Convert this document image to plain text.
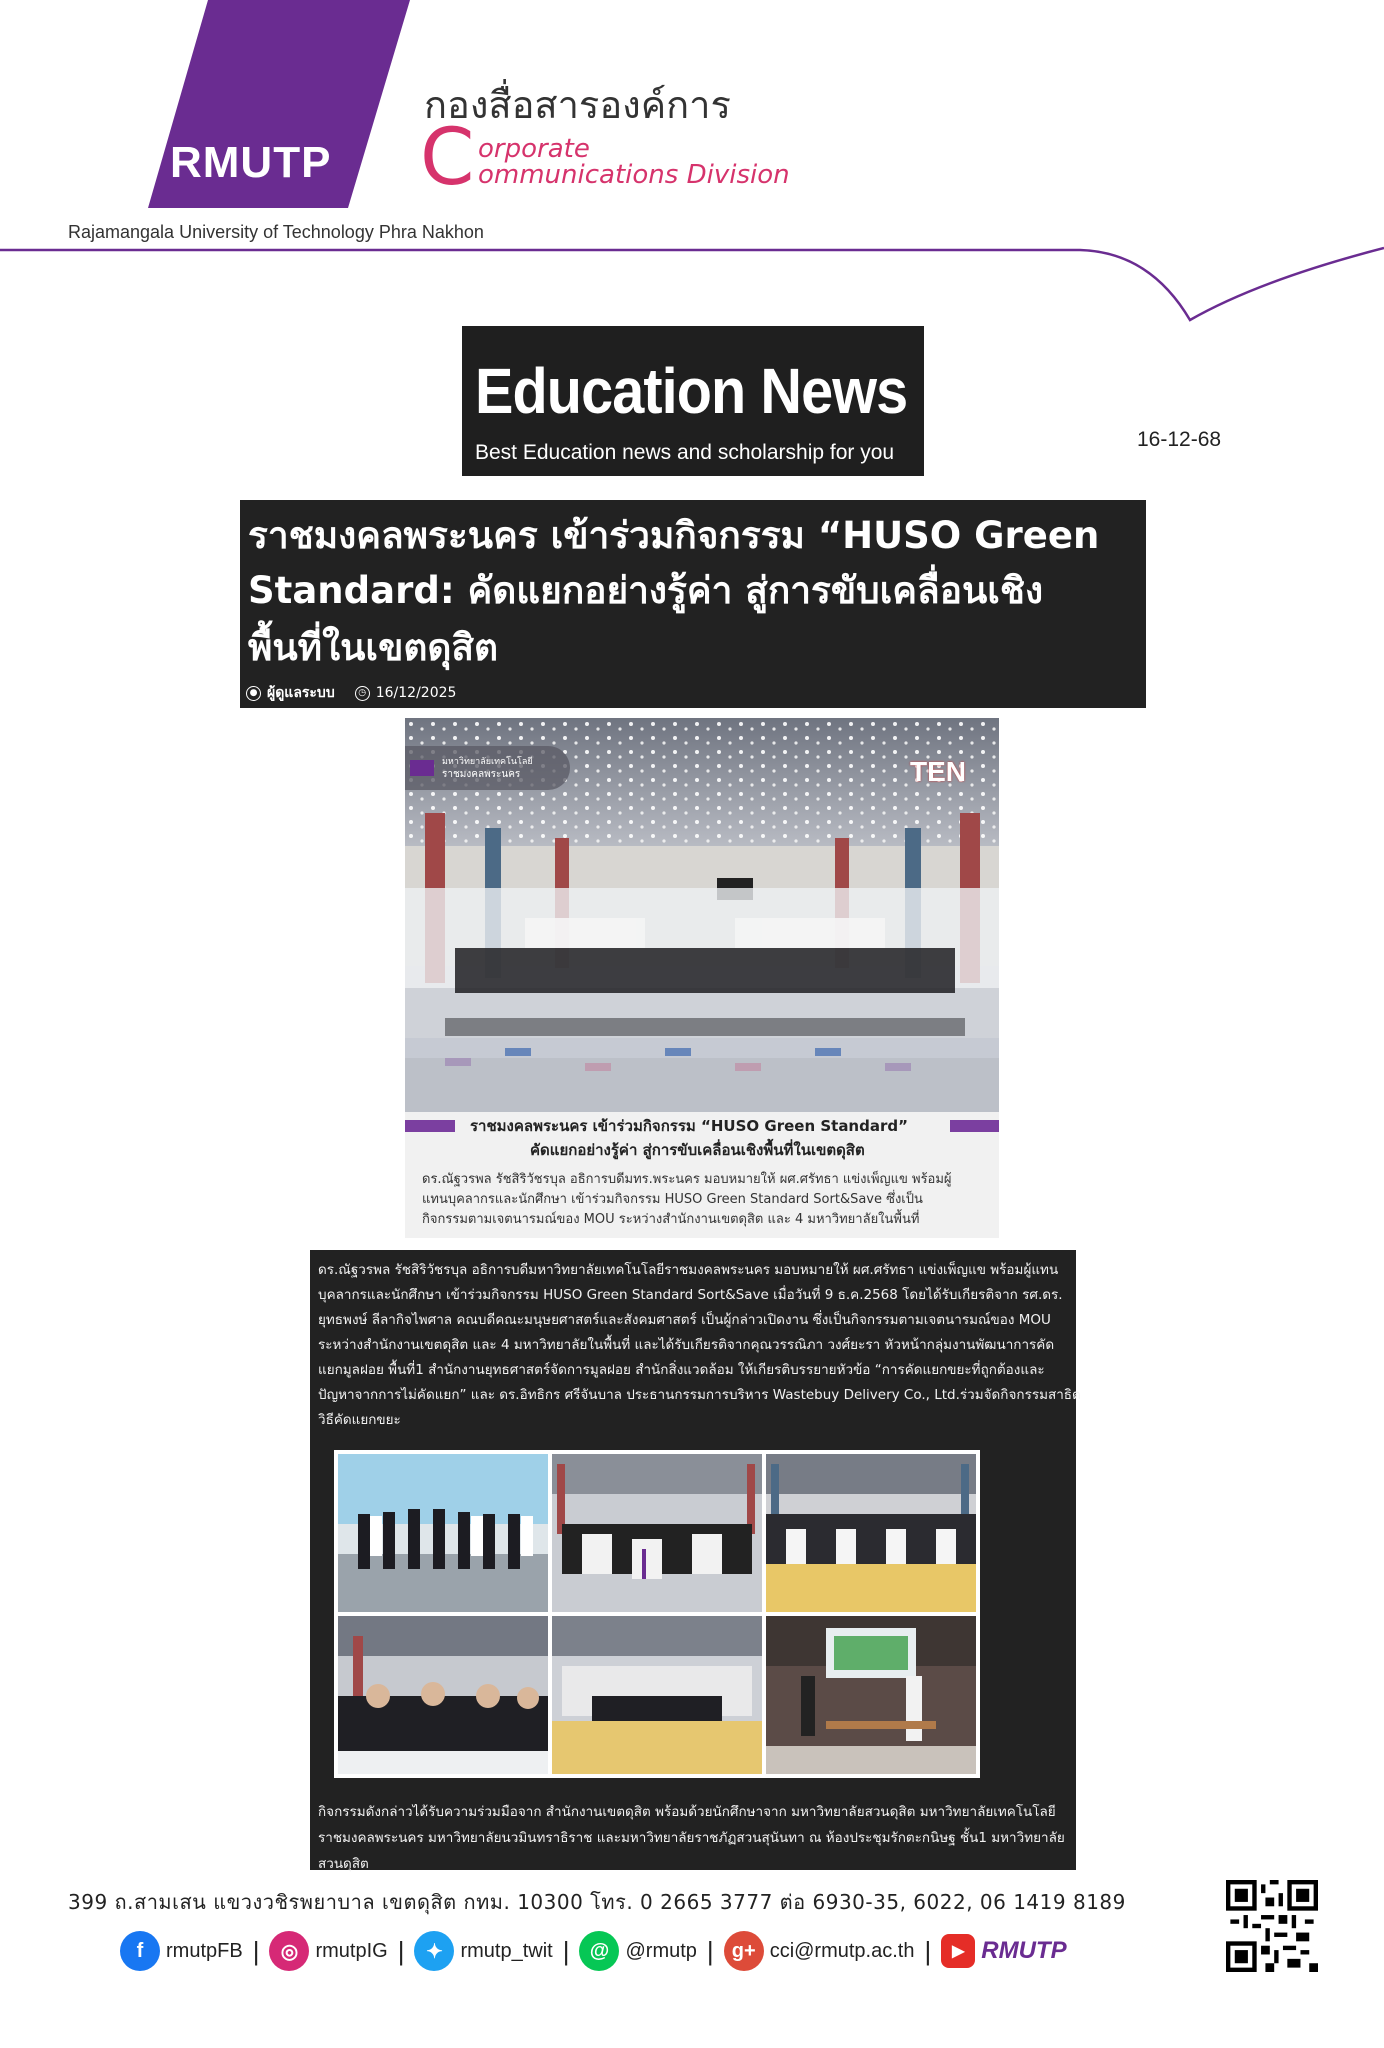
RMUTP
กองสื่อสารองค์การ
C orporate
ommunications Division
Rajamangala University of Technology Phra Nakhon
Education News
Best Education news and scholarship for you
16-12-68
ราชมงคลพระนคร เข้าร่วมกิจกรรม “HUSO Green
Standard: คัดแยกอย่างรู้ค่า สู่การขับเคลื่อนเชิง
พื้นที่ในเขตดุสิต
● ผู้ดูแลระบบ	◷ 16/12/2025
มหาวิทยาลัยเทคโนโลยี
ราชมงคลพระนคร	TEN
ราชมงคลพระนคร เข้าร่วมกิจกรรม “HUSO Green Standard”
คัดแยกอย่างรู้ค่า สู่การขับเคลื่อนเชิงพื้นที่ในเขตดุสิต
ดร.ณัฐวรพล รัชสิริวัชรบุล อธิการบดีมทร.พระนคร มอบหมายให้ ผศ.ศรัทธา แข่งเพ็ญแข พร้อมผู้
แทนบุคลากรและนักศึกษา เข้าร่วมกิจกรรม HUSO Green Standard Sort&Save ซึ่งเป็น
กิจกรรมตามเจตนารมณ์ของ MOU ระหว่างสำนักงานเขตดุสิต และ 4 มหาวิทยาลัยในพื้นที่
ดร.ณัฐวรพล รัชสิริวัชรบุล อธิการบดีมหาวิทยาลัยเทคโนโลยีราชมงคลพระนคร มอบหมายให้ ผศ.ศรัทธา แข่งเพ็ญแข พร้อมผู้แทน
บุคลากรและนักศึกษา เข้าร่วมกิจกรรม HUSO Green Standard Sort&Save เมื่อวันที่ 9 ธ.ค.2568 โดยได้รับเกียรติจาก รศ.ดร.
ยุทธพงษ์ ลีลากิจไพศาล คณบดีคณะมนุษยศาสตร์และสังคมศาสตร์ เป็นผู้กล่าวเปิดงาน ซึ่งเป็นกิจกรรมตามเจตนารมณ์ของ MOU
ระหว่างสำนักงานเขตดุสิต และ 4 มหาวิทยาลัยในพื้นที่ และได้รับเกียรติจากคุณวรรณิภา วงศ์ยะรา หัวหน้ากลุ่มงานพัฒนาการคัด
แยกมูลฝอย พื้นที่1 สำนักงานยุทธศาสตร์จัดการมูลฝอย สำนักสิ่งแวดล้อม ให้เกียรติบรรยายหัวข้อ “การคัดแยกขยะที่ถูกต้องและ
ปัญหาจากการไม่คัดแยก” และ ดร.อิทธิกร ศรีจันบาล ประธานกรรมการบริหาร Wastebuy Delivery Co., Ltd.ร่วมจัดกิจกรรมสาธิต
วิธีคัดแยกขยะ
กิจกรรมดังกล่าวได้รับความร่วมมือจาก สำนักงานเขตดุสิต พร้อมด้วยนักศึกษาจาก มหาวิทยาลัยสวนดุสิต มหาวิทยาลัยเทคโนโลยี
ราชมงคลพระนคร มหาวิทยาลัยนวมินทราธิราช และมหาวิทยาลัยราชภัฏสวนสุนันทา ณ ห้องประชุมรักตะกนิษฐ ชั้น1 มหาวิทยาลัย
สวนดุสิต
399 ถ.สามเสน แขวงวชิรพยาบาล เขตดุสิต กทม. 10300 โทร. 0 2665 3777 ต่อ 6930-35, 6022, 06 1419 8189
f	rmutpFB |	◎ rmutpIG |	✦ rmutp_twit |	@ @rmutp | g+ cci@rmutp.ac.th |	▶ RMUTP
